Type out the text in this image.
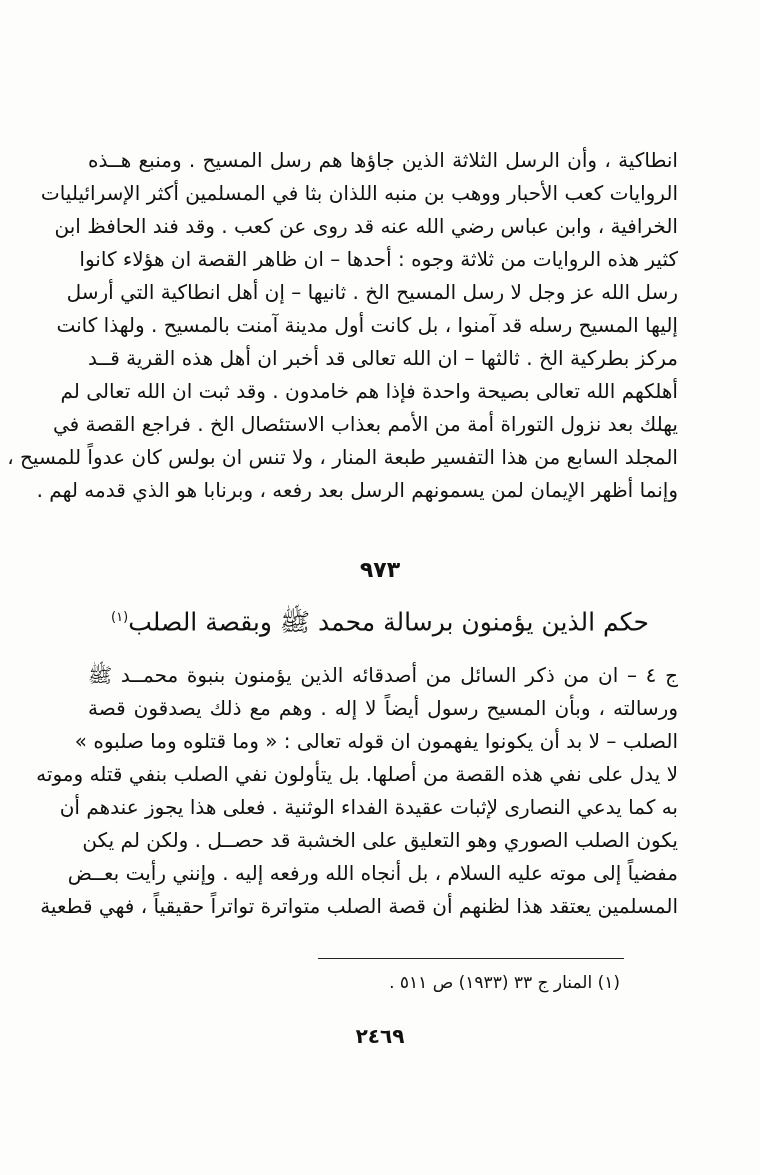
انطاكية ، وأن الرسل الثلاثة الذين جاؤها هم رسل المسيح . ومنبع هــذه
الروايات كعب الأحبار ووهب بن منبه اللذان بثا في المسلمين أكثر الإسرائيليات
الخرافية ، وابن عباس رضي الله عنه قد روى عن كعب . وقد فند الحافظ ابن
كثير هذه الروايات من ثلاثة وجوه : أحدها – ان ظاهر القصة ان هؤلاء كانوا
رسل الله عز وجل لا رسل المسيح الخ . ثانيها – إن أهل انطاكية التي أرسل
إليها المسيح رسله قد آمنوا ، بل كانت أول مدينة آمنت بالمسيح . ولهذا كانت
مركز بطركية الخ . ثالثها – ان الله تعالى قد أخبر ان أهل هذه القرية قــد
أهلكهم الله تعالى بصيحة واحدة فإذا هم خامدون . وقد ثبت ان الله تعالى لم
يهلك بعد نزول التوراة أمة من الأمم بعذاب الاستئصال الخ . فراجع القصة في
المجلد السابع من هذا التفسير طبعة المنار ، ولا تنس ان بولس كان عدواً للمسيح ،
وإنما أظهر الإيمان لمن يسمونهم الرسل بعد رفعه ، وبرنابا هو الذي قدمه لهم .
٩٧٣
حكم الذين يؤمنون برسالة محمد ﷺ وبقصة الصلب$^{(١)}$
ج ٤ – ان من ذكر السائل من أصدقائه الذين يؤمنون بنبوة محمــد ﷺ
ورسالته ، وبأن المسيح رسول أيضاً لا إله . وهم مع ذلك يصدقون قصة
الصلب – لا بد أن يكونوا يفهمون ان قوله تعالى : « وما قتلوه وما صلبوه »
لا يدل على نفي هذه القصة من أصلها. بل يتأولون نفي الصلب بنفي قتله وموته
به كما يدعي النصارى لإثبات عقيدة الفداء الوثنية . فعلى هذا يجوز عندهم أن
يكون الصلب الصوري وهو التعليق على الخشبة قد حصــل . ولكن لم يكن
مفضياً إلى موته عليه السلام ، بل أنجاه الله ورفعه إليه . وإنني رأيت بعــض
المسلمين يعتقد هذا لظنهم أن قصة الصلب متواترة تواتراً حقيقياً ، فهي قطعية
(١) المنار ج ٣٣ (١٩٣٣) ص ٥١١ .
٢٤٦٩
